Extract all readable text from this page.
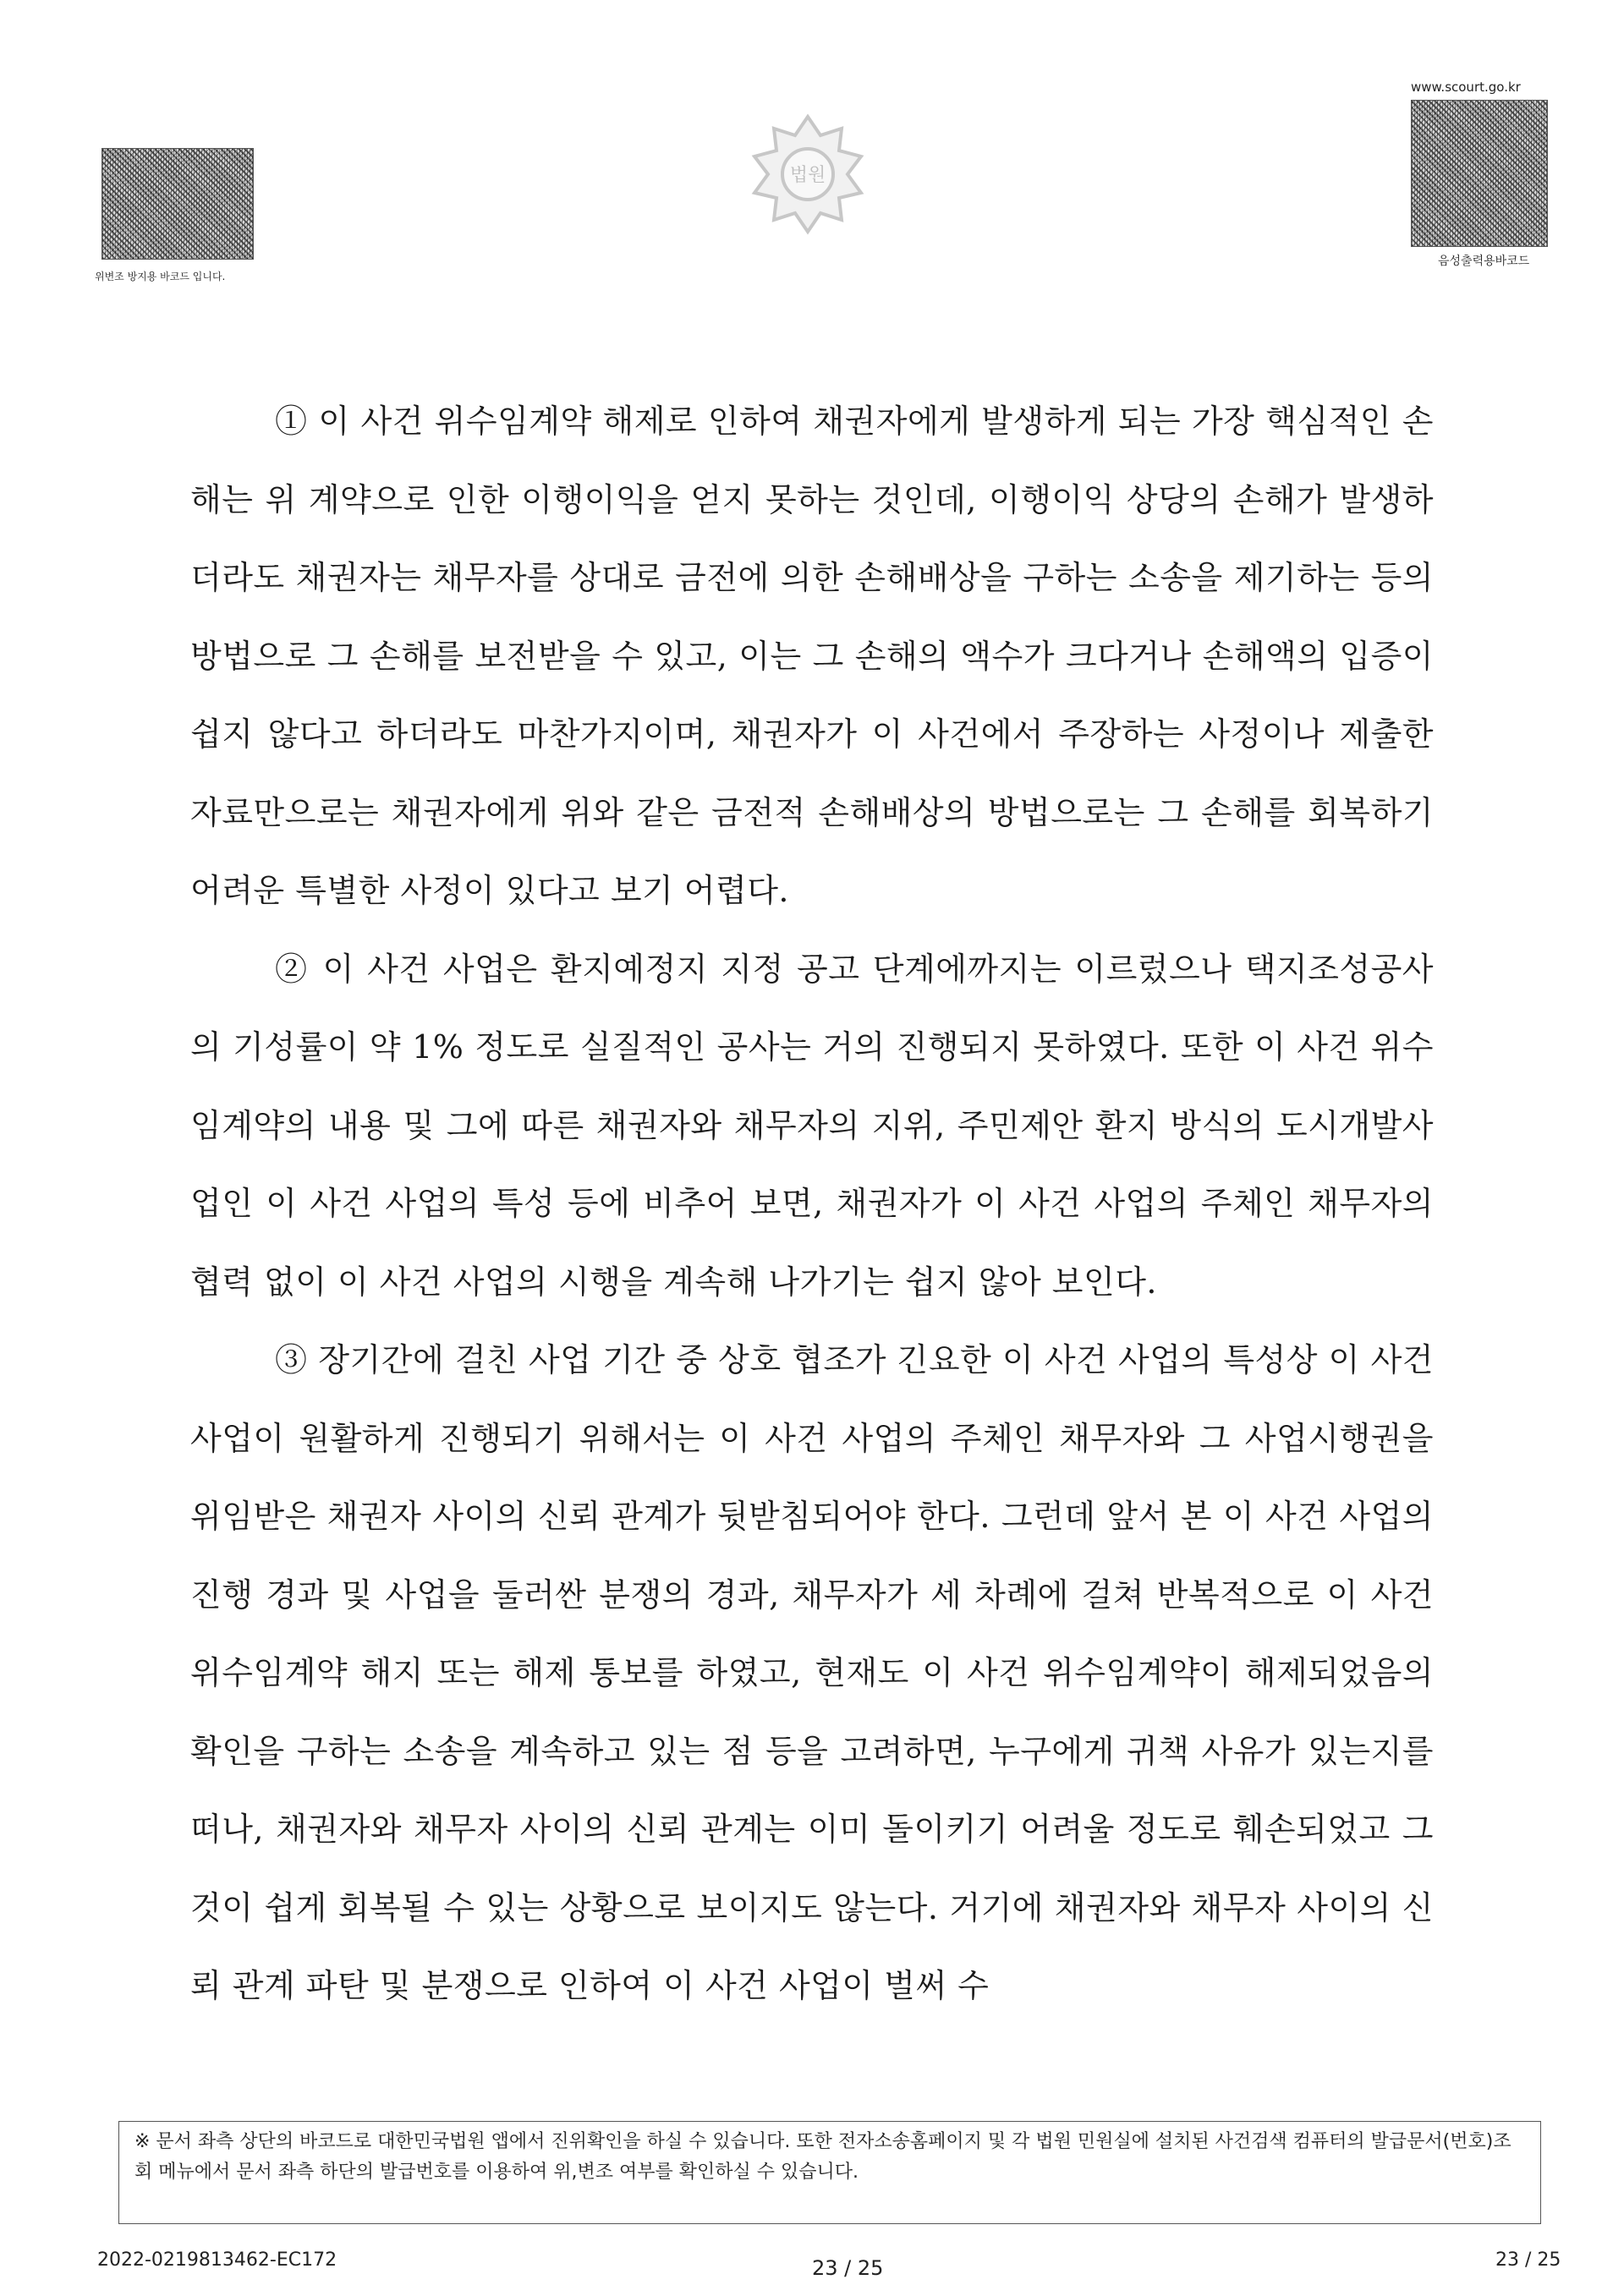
위변조 방지용 바코드 입니다.
법원
www.scourt.go.kr
음성출력용바코드

① 이 사건 위수임계약 해제로 인하여 채권자에게 발생하게 되는 가장 핵심적인 손해는 위 계약으로 인한 이행이익을 얻지 못하는 것인데, 이행이익 상당의 손해가 발생하더라도 채권자는 채무자를 상대로 금전에 의한 손해배상을 구하는 소송을 제기하는 등의 방법으로 그 손해를 보전받을 수 있고, 이는 그 손해의 액수가 크다거나 손해액의 입증이 쉽지 않다고 하더라도 마찬가지이며, 채권자가 이 사건에서 주장하는 사정이나 제출한 자료만으로는 채권자에게 위와 같은 금전적 손해배상의 방법으로는 그 손해를 회복하기 어려운 특별한 사정이 있다고 보기 어렵다.

② 이 사건 사업은 환지예정지 지정 공고 단계에까지는 이르렀으나 택지조성공사의 기성률이 약 1% 정도로 실질적인 공사는 거의 진행되지 못하였다. 또한 이 사건 위수임계약의 내용 및 그에 따른 채권자와 채무자의 지위, 주민제안 환지 방식의 도시개발사업인 이 사건 사업의 특성 등에 비추어 보면, 채권자가 이 사건 사업의 주체인 채무자의 협력 없이 이 사건 사업의 시행을 계속해 나가기는 쉽지 않아 보인다.

③ 장기간에 걸친 사업 기간 중 상호 협조가 긴요한 이 사건 사업의 특성상 이 사건 사업이 원활하게 진행되기 위해서는 이 사건 사업의 주체인 채무자와 그 사업시행권을 위임받은 채권자 사이의 신뢰 관계가 뒷받침되어야 한다. 그런데 앞서 본 이 사건 사업의 진행 경과 및 사업을 둘러싼 분쟁의 경과, 채무자가 세 차례에 걸쳐 반복적으로 이 사건 위수임계약 해지 또는 해제 통보를 하였고, 현재도 이 사건 위수임계약이 해제되었음의 확인을 구하는 소송을 계속하고 있는 점 등을 고려하면, 누구에게 귀책 사유가 있는지를 떠나, 채권자와 채무자 사이의 신뢰 관계는 이미 돌이키기 어려울 정도로 훼손되었고 그것이 쉽게 회복될 수 있는 상황으로 보이지도 않는다. 거기에 채권자와 채무자 사이의 신뢰 관계 파탄 및 분쟁으로 인하여 이 사건 사업이 벌써 수

※ 문서 좌측 상단의 바코드로 대한민국법원 앱에서 진위확인을 하실 수 있습니다. 또한 전자소송홈페이지 및 각 법원 민원실에 설치된 사건검색 컴퓨터의 발급문서(번호)조회 메뉴에서 문서 좌측 하단의 발급번호를 이용하여 위,변조 여부를 확인하실 수 있습니다.
2022-0219813462-EC172	23 / 25	23 / 25
